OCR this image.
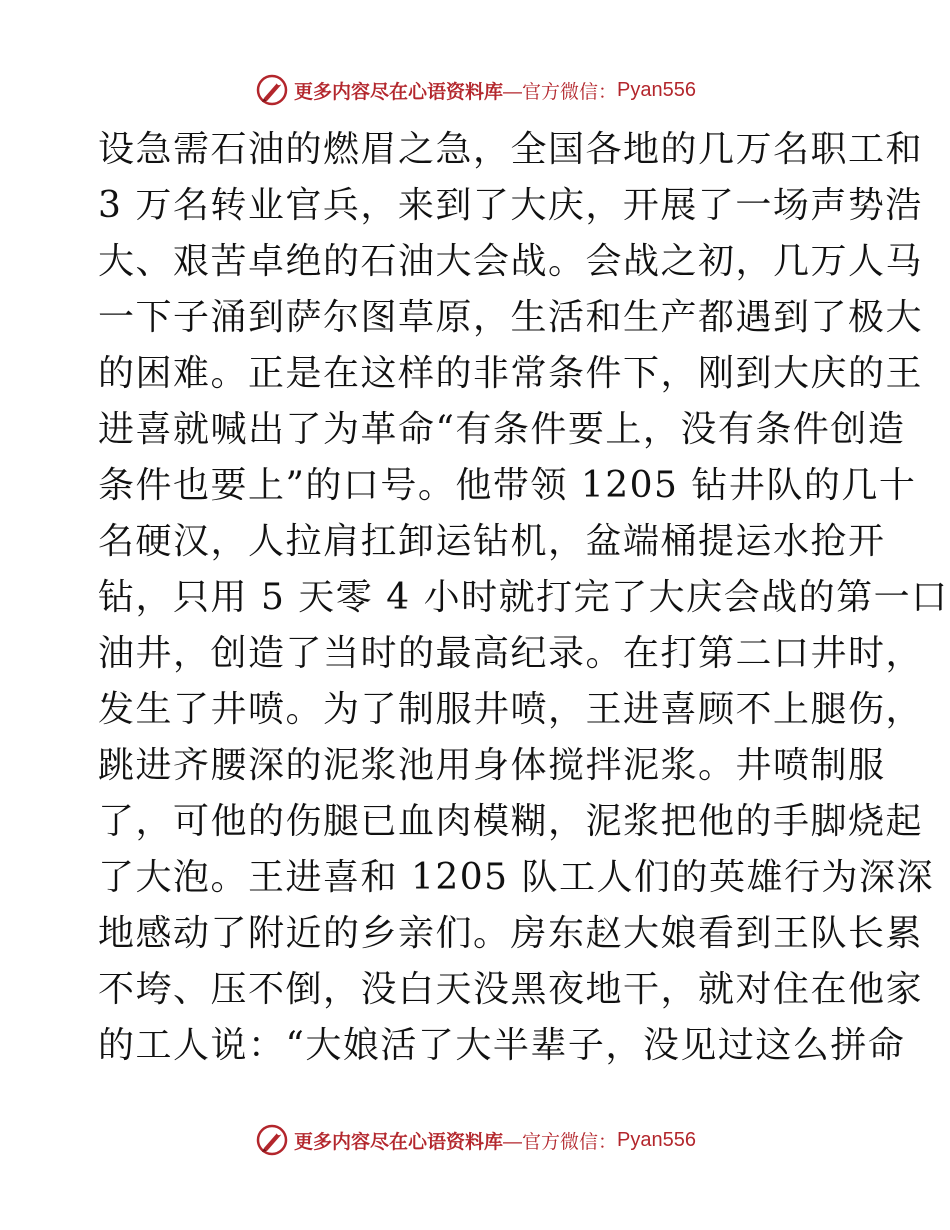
更多内容尽在心语资料库 —官方微信： Pyan556
设急需石油的燃眉之急，全国各地的几万名职工和
3 万名转业官兵，来到了大庆，开展了一场声势浩
大、艰苦卓绝的石油大会战。会战之初，几万人马
一下子涌到萨尔图草原，生活和生产都遇到了极大
的困难。正是在这样的非常条件下，刚到大庆的王
进喜就喊出了为革命“有条件要上，没有条件创造
条件也要上”的口号。他带领 1205 钻井队的几十
名硬汉，人拉肩扛卸运钻机，盆端桶提运水抢开
钻，只用 5 天零 4 小时就打完了大庆会战的第一口
油井，创造了当时的最高纪录。在打第二口井时，
发生了井喷。为了制服井喷，王进喜顾不上腿伤，
跳进齐腰深的泥浆池用身体搅拌泥浆。井喷制服
了，可他的伤腿已血肉模糊，泥浆把他的手脚烧起
了大泡。王进喜和 1205 队工人们的英雄行为深深
地感动了附近的乡亲们。房东赵大娘看到王队长累
不垮、压不倒，没白天没黑夜地干，就对住在他家
的工人说：“大娘活了大半辈子，没见过这么拼命
更多内容尽在心语资料库 —官方微信： Pyan556
